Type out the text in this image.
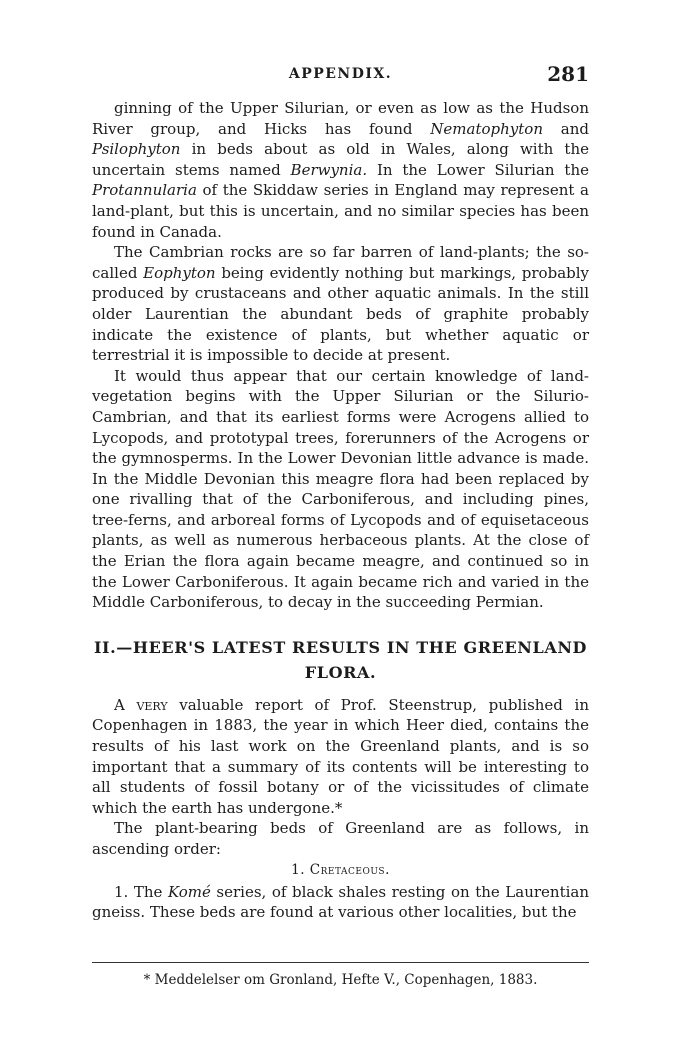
APPENDIX.	281

ginning of the Upper Silurian, or even as low as the Hudson River group, and Hicks has found Nematophyton and Psilophyton in beds about as old in Wales, along with the uncertain stems named Berwynia. In the Lower Silurian the Protannularia of the Skiddaw series in England may represent a land-plant, but this is uncertain, and no similar species has been found in Canada.

The Cambrian rocks are so far barren of land-plants; the so-called Eophyton being evidently nothing but markings, probably produced by crustaceans and other aquatic animals. In the still older Laurentian the abundant beds of graphite probably indicate the existence of plants, but whether aquatic or terrestrial it is impossible to decide at present.

It would thus appear that our certain knowledge of land-vegetation begins with the Upper Silurian or the Silurio-Cambrian, and that its earliest forms were Acrogens allied to Lycopods, and prototypal trees, forerunners of the Acrogens or the gymnosperms. In the Lower Devonian little advance is made. In the Middle Devonian this meagre flora had been replaced by one rivalling that of the Carboniferous, and including pines, tree-ferns, and arboreal forms of Lycopods and of equisetaceous plants, as well as numerous herbaceous plants. At the close of the Erian the flora again became meagre, and continued so in the Lower Carboniferous. It again became rich and varied in the Middle Carboniferous, to decay in the succeeding Permian.

II.—HEER'S LATEST RESULTS IN THE GREENLAND
FLORA.

A very valuable report of Prof. Steenstrup, published in Copenhagen in 1883, the year in which Heer died, contains the results of his last work on the Greenland plants, and is so important that a summary of its contents will be interesting to all students of fossil botany or of the vicissitudes of climate which the earth has undergone.*

The plant-bearing beds of Greenland are as follows, in ascending order:

1. Cretaceous.

1. The Komé series, of black shales resting on the Laurentian gneiss. These beds are found at various other localities, but the

* Meddelelser om Gronland, Hefte V., Copenhagen, 1883.
